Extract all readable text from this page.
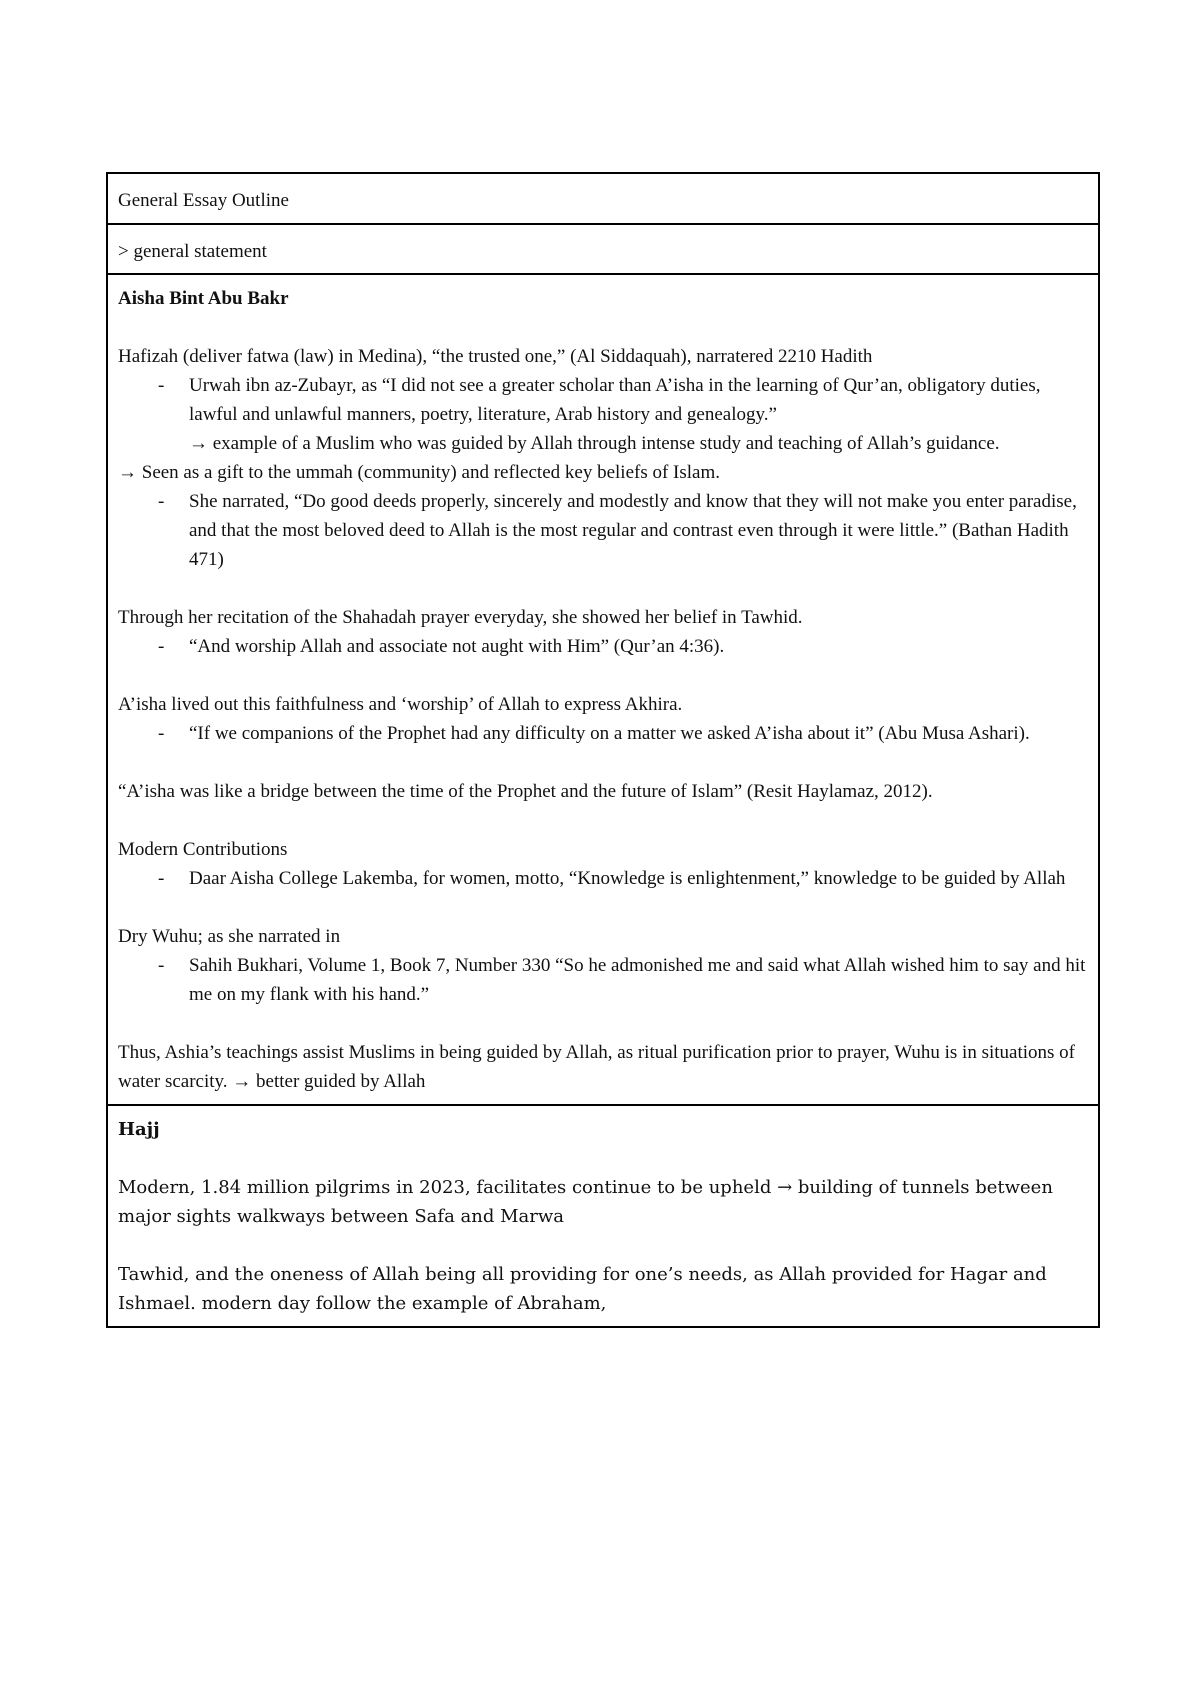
General Essay Outline

> general statement

Aisha Bint Abu Bakr

Hafizah (deliver fatwa (law) in Medina), “the trusted one,” (Al Siddaquah), narratered 2210 Hadith

- Urwah ibn az-Zubayr, as “I did not see a greater scholar than A’isha in the learning of Qur’an, obligatory duties, lawful and unlawful manners, poetry, literature, Arab history and genealogy.”

→ example of a Muslim who was guided by Allah through intense study and teaching of Allah’s guidance.

→ Seen as a gift to the ummah (community) and reflected key beliefs of Islam.

- She narrated, “Do good deeds properly, sincerely and modestly and know that they will not make you enter paradise, and that the most beloved deed to Allah is the most regular and contrast even through it were little.” (Bathan Hadith 471)

Through her recitation of the Shahadah prayer everyday, she showed her belief in Tawhid.

- “And worship Allah and associate not aught with Him” (Qur’an 4:36).

A’isha lived out this faithfulness and ‘worship’ of Allah to express Akhira.

- “If we companions of the Prophet had any difficulty on a matter we asked A’isha about it” (Abu Musa Ashari).

“A’isha was like a bridge between the time of the Prophet and the future of Islam” (Resit Haylamaz, 2012).

Modern Contributions

- Daar Aisha College Lakemba, for women, motto, “Knowledge is enlightenment,” knowledge to be guided by Allah

Dry Wuhu; as she narrated in

- Sahih Bukhari, Volume 1, Book 7, Number 330 “So he admonished me and said what Allah wished him to say and hit me on my flank with his hand.”

Thus, Ashia’s teachings assist Muslims in being guided by Allah, as ritual purification prior to prayer, Wuhu is in situations of water scarcity. → better guided by Allah

Hajj

Modern, 1.84 million pilgrims in 2023, facilitates continue to be upheld → building of tunnels between major sights walkways between Safa and Marwa

Tawhid, and the oneness of Allah being all providing for one’s needs, as Allah provided for Hagar and Ishmael. modern day follow the example of Abraham,
